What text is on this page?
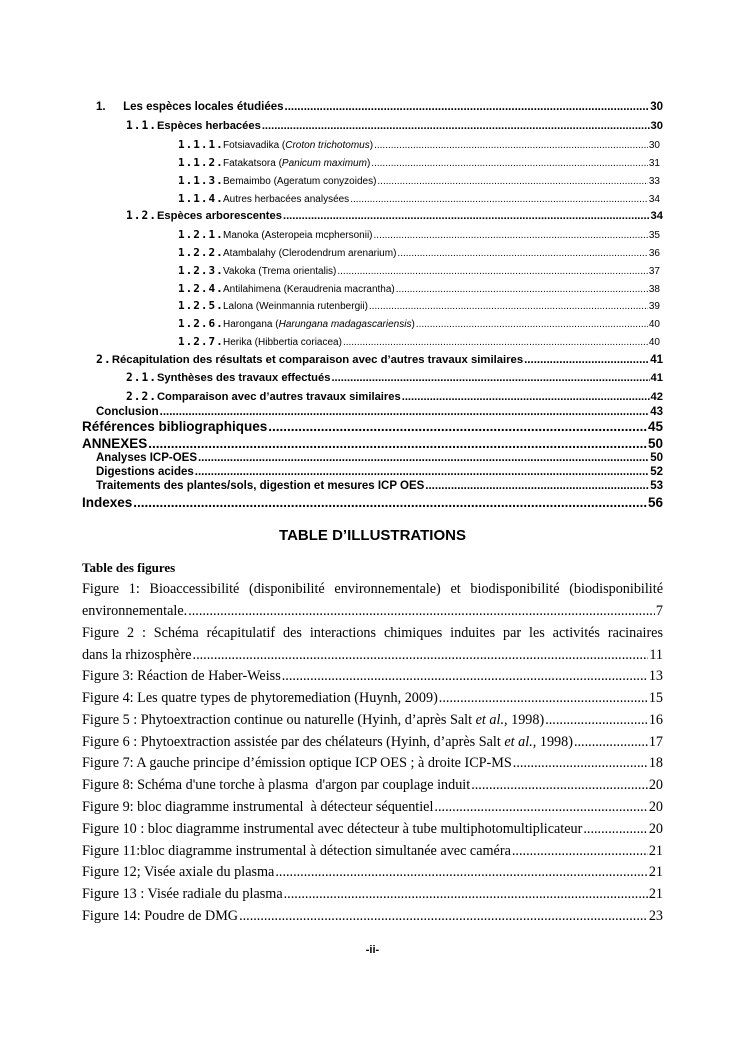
1.	Les espèces locales étudiées .....	30
1.1. Espèces herbacées .....	30
1.1.1. Fotsiavadika (Croton trichotomus) .....	30
1.1.2. Fatakatsora (Panicum maximum) .....	31
1.1.3. Bemaimbo (Ageratum conyzoides) .....	33
1.1.4. Autres herbacées analysées .....	34
1.2. Espèces arborescentes .....	34
1.2.1. Manoka (Asteropeia mcphersonii) .....	35
1.2.2. Atambalahy (Clerodendrum arenarium) .....	36
1.2.3. Vakoka (Trema orientalis) .....	37
1.2.4. Antilahimena (Keraudrenia macrantha) .....	38
1.2.5. Lalona (Weinmannia rutenbergii) .....	39
1.2.6. Harongana (Harungana madagascariensis) .....	40
1.2.7. Herika (Hibbertia coriacea) .....	40
2. Récapitulation des résultats et comparaison avec d’autres travaux similaires .....	41
2.1. Synthèses des travaux effectués .....	41
2.2. Comparaison avec d’autres travaux similaires .....	42
Conclusion .....	43
Références bibliographiques .....	45
ANNEXES .....	50
Analyses ICP-OES .....	50
Digestions acides .....	52
Traitements des plantes/sols, digestion et mesures ICP OES .....	53
Indexes .....	56
TABLE D’ILLUSTRATIONS
Table des figures
Figure 1: Bioaccessibilité (disponibilité environnementale) et biodisponibilité (biodisponibilité
environnementale. .....	7
Figure 2 : Schéma récapitulatif des interactions chimiques induites par les activités racinaires
dans la rhizosphère .....	11
Figure 3: Réaction de Haber-Weiss .....	13
Figure 4: Les quatre types de phytoremediation (Huynh, 2009) .....	15
Figure 5 : Phytoextraction continue ou naturelle (Hyinh, d’après Salt et al., 1998) .....	16
Figure 6 : Phytoextraction assistée par des chélateurs (Hyinh, d’après Salt et al., 1998) .....	17
Figure 7: A gauche principe d’émission optique ICP OES ; à droite ICP-MS .....	18
Figure 8: Schéma d'une torche à plasma  d'argon par couplage induit .....	20
Figure 9: bloc diagramme instrumental  à détecteur séquentiel .....	20
Figure 10 : bloc diagramme instrumental avec détecteur à tube multiphotomultiplicateur .....	20
Figure 11:bloc diagramme instrumental à détection simultanée avec caméra .....	21
Figure 12; Visée axiale du plasma .....	21
Figure 13 : Visée radiale du plasma .....	21
Figure 14: Poudre de DMG .....	23
-ii-
